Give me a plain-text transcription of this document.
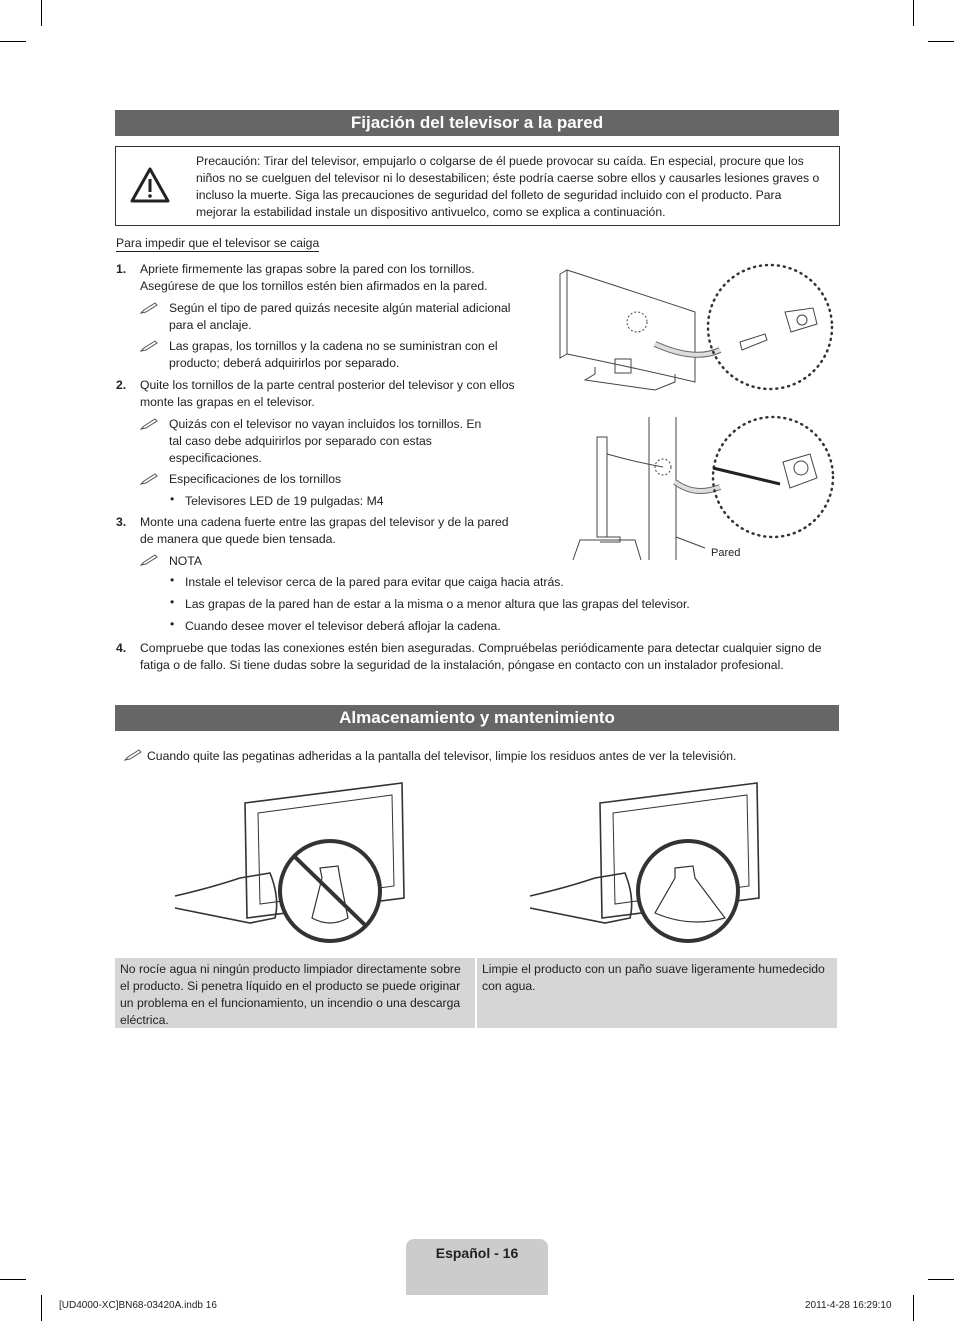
Fijación del televisor a la pared
Precaución: Tirar del televisor, empujarlo o colgarse de él puede provocar su caída. En especial, procure que los niños no se cuelguen del televisor ni lo desestabilicen; éste podría caerse sobre ellos y causarles lesiones graves o incluso la muerte. Siga las precauciones de seguridad del folleto de seguridad incluido con el producto. Para mejorar la estabilidad instale un dispositivo antivuelco, como se explica a continuación.
Para impedir que el televisor se caiga
1. Apriete firmemente las grapas sobre la pared con los tornillos. Asegúrese de que los tornillos estén bien afirmados en la pared.
Según el tipo de pared quizás necesite algún material adicional para el anclaje.
Las grapas, los tornillos y la cadena no se suministran con el producto; deberá adquirirlos por separado.
2. Quite los tornillos de la parte central posterior del televisor y con ellos monte las grapas en el televisor.
Quizás con el televisor no vayan incluidos los tornillos. En tal caso debe adquirirlos por separado con estas especificaciones.
Especificaciones de los tornillos
• Televisores LED de 19 pulgadas: M4
3. Monte una cadena fuerte entre las grapas del televisor y de la pared de manera que quede bien tensada.
NOTA
• Instale el televisor cerca de la pared para evitar que caiga hacia atrás.
• Las grapas de la pared han de estar a la misma o a menor altura que las grapas del televisor.
• Cuando desee mover el televisor deberá aflojar la cadena.
4. Compruebe que todas las conexiones estén bien aseguradas. Compruébelas periódicamente para detectar cualquier signo de fatiga o de fallo. Si tiene dudas sobre la seguridad de la instalación, póngase en contacto con un instalador profesional.
Pared
Almacenamiento y mantenimiento
Cuando quite las pegatinas adheridas a la pantalla del televisor, limpie los residuos antes de ver la televisión.
No rocíe agua ni ningún producto limpiador directamente sobre el producto. Si penetra líquido en el producto se puede originar un problema en el funcionamiento, un incendio o una descarga eléctrica.
Limpie el producto con un paño suave ligeramente humedecido con agua.
Español - 16
[UD4000-XC]BN68-03420A.indb 16	2011-4-28 16:29:10
